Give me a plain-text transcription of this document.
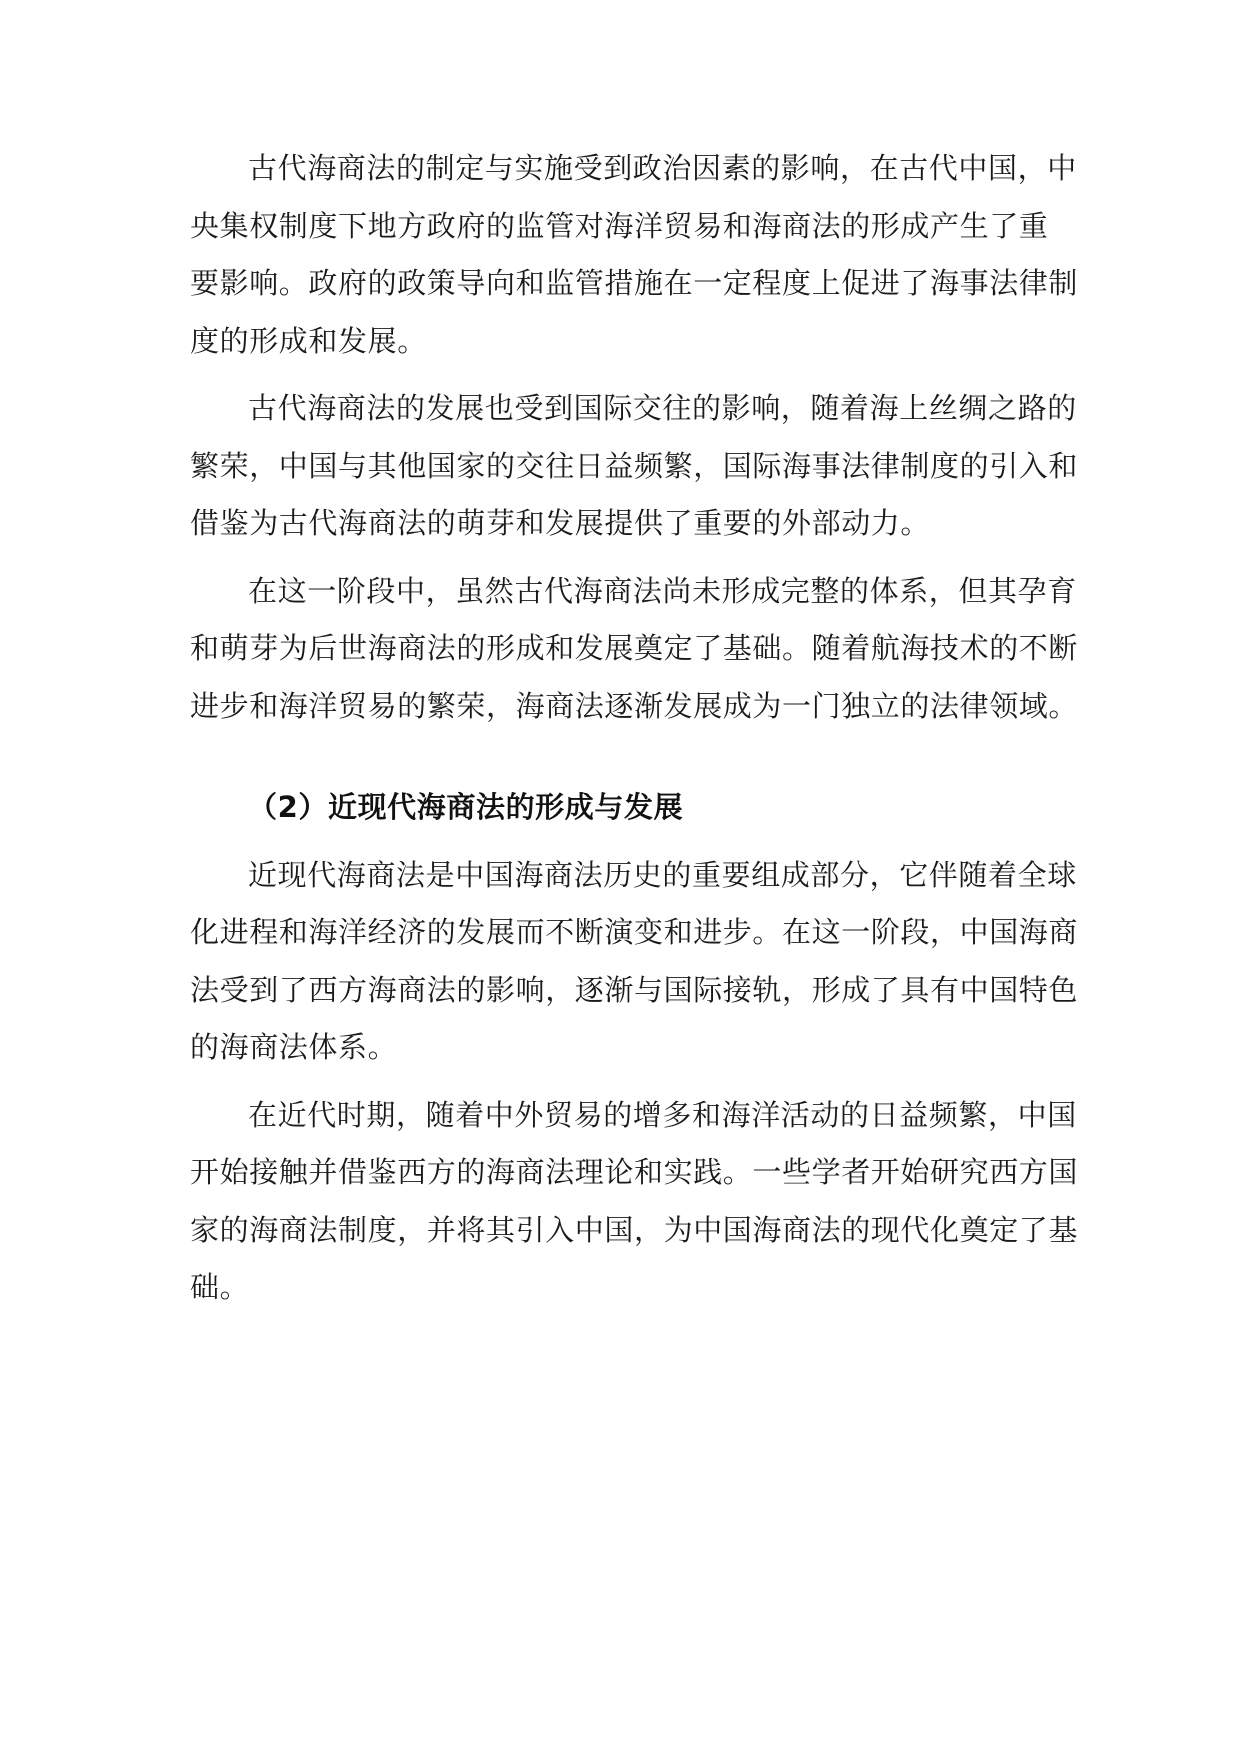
古代海商法的制定与实施受到政治因素的影响，在古代中国，中
央集权制度下地方政府的监管对海洋贸易和海商法的形成产生了重
要影响。政府的政策导向和监管措施在一定程度上促进了海事法律制
度的形成和发展。

古代海商法的发展也受到国际交往的影响，随着海上丝绸之路的
繁荣，中国与其他国家的交往日益频繁，国际海事法律制度的引入和
借鉴为古代海商法的萌芽和发展提供了重要的外部动力。

在这一阶段中，虽然古代海商法尚未形成完整的体系，但其孕育
和萌芽为后世海商法的形成和发展奠定了基础。随着航海技术的不断
进步和海洋贸易的繁荣，海商法逐渐发展成为一门独立的法律领域。

（2）近现代海商法的形成与发展

近现代海商法是中国海商法历史的重要组成部分，它伴随着全球
化进程和海洋经济的发展而不断演变和进步。在这一阶段，中国海商
法受到了西方海商法的影响，逐渐与国际接轨，形成了具有中国特色
的海商法体系。

在近代时期，随着中外贸易的增多和海洋活动的日益频繁，中国
开始接触并借鉴西方的海商法理论和实践。一些学者开始研究西方国
家的海商法制度，并将其引入中国，为中国海商法的现代化奠定了基
础。
